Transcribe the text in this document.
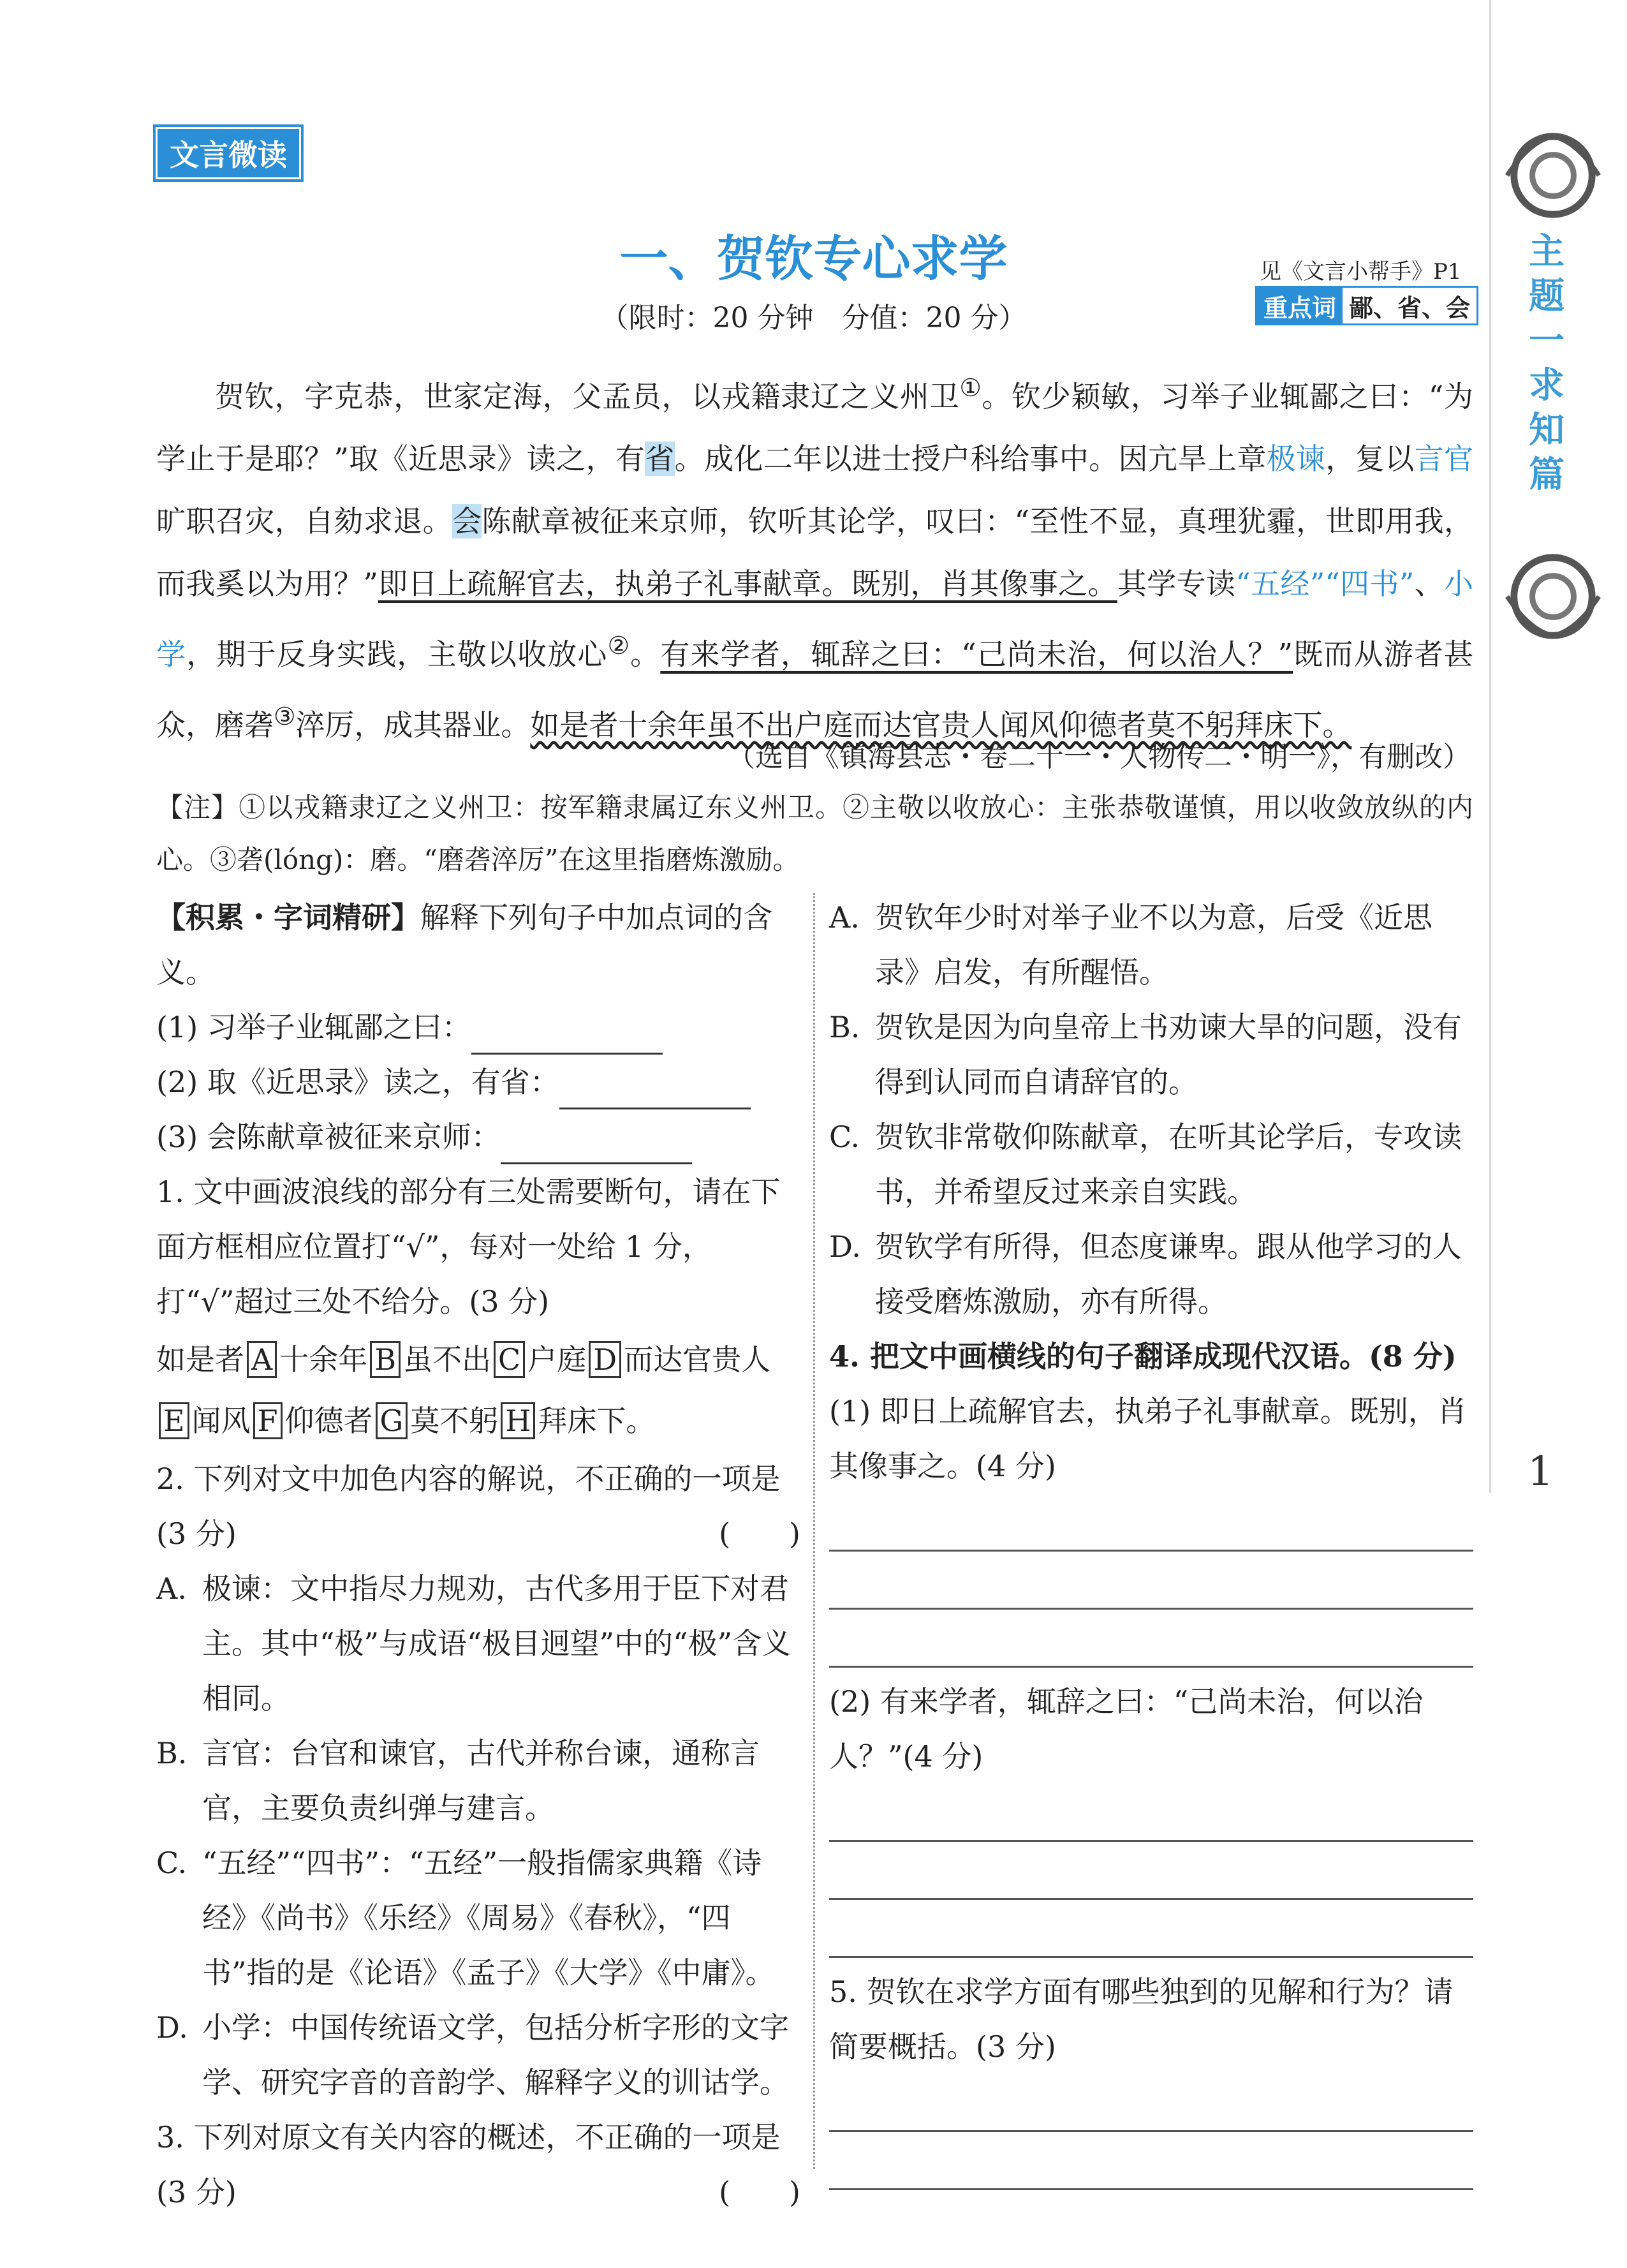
主题一 求知篇
1
文言微读
一、贺钦专心求学
（限时：20 分钟　分值：20 分）
见《文言小帮手》P1
重点词 鄙、省、会
贺钦，字克恭，世家定海，父孟员，以戎籍隶辽之义州卫①。钦少颖敏，习举子业辄鄙之曰：“为学止于是耶？”取《近思录》读之，有省。成化二年以进士授户科给事中。因亢旱上章极谏，复以言官旷职召灾，自劾求退。会陈献章被征来京师，钦听其论学，叹曰：“至性不显，真理犹霾，世即用我，而我奚以为用？”即日上疏解官去，执弟子礼事献章。既别，肖其像事之。其学专读“五经”“四书”、小学，期于反身实践，主敬以收放心②。有来学者，辄辞之曰：“己尚未治，何以治人？”既而从游者甚众，磨砻③淬厉，成其器业。如是者十余年虽不出户庭而达官贵人闻风仰德者莫不躬拜床下。
（选自《镇海县志・卷二十一・人物传二・明一》，有删改）
【注】①以戎籍隶辽之义州卫：按军籍隶属辽东义州卫。②主敬以收放心：主张恭敬谨慎，用以收敛放纵的内心。③砻(lóng)：磨。“磨砻淬厉”在这里指磨炼激励。

【积累・字词精研】解释下列句子中加点词的含义。

(1) 习举子业辄鄙之曰：

(2) 取《近思录》读之，有省：

(3) 会陈献章被征来京师：

1. 文中画波浪线的部分有三处需要断句，请在下面方框相应位置打“√”，每对一处给 1 分，打“√”超过三处不给分。(3 分)

如是者 A 十余年 B 虽不出 C 户庭 D 而达官贵人E 闻风 F 仰德者 G 莫不躬 H 拜床下。

2. 下列对文中加色内容的解说，不正确的一项是(3 分)	(　　)

A. 极谏：文中指尽力规劝，古代多用于臣下对君主。其中“极”与成语“极目迥望”中的“极”含义相同。
B. 言官：台官和谏官，古代并称台谏，通称言官，主要负责纠弹与建言。
C. “五经”“四书”：“五经”一般指儒家典籍《诗经》《尚书》《乐经》《周易》《春秋》，“四书”指的是《论语》《孟子》《大学》《中庸》。
D. 小学：中国传统语文学，包括分析字形的文字学、研究字音的音韵学、解释字义的训诂学。

3. 下列对原文有关内容的概述，不正确的一项是(3 分)	(　　)

A. 贺钦年少时对举子业不以为意，后受《近思录》启发，有所醒悟。
B. 贺钦是因为向皇帝上书劝谏大旱的问题，没有得到认同而自请辞官的。
C. 贺钦非常敬仰陈献章，在听其论学后，专攻读书，并希望反过来亲自实践。
D. 贺钦学有所得，但态度谦卑。跟从他学习的人接受磨炼激励，亦有所得。

4. 把文中画横线的句子翻译成现代汉语。(8 分)

(1) 即日上疏解官去，执弟子礼事献章。既别，肖其像事之。(4 分)

(2) 有来学者，辄辞之曰：“己尚未治，何以治人？”(4 分)

5. 贺钦在求学方面有哪些独到的见解和行为？请简要概括。(3 分)
